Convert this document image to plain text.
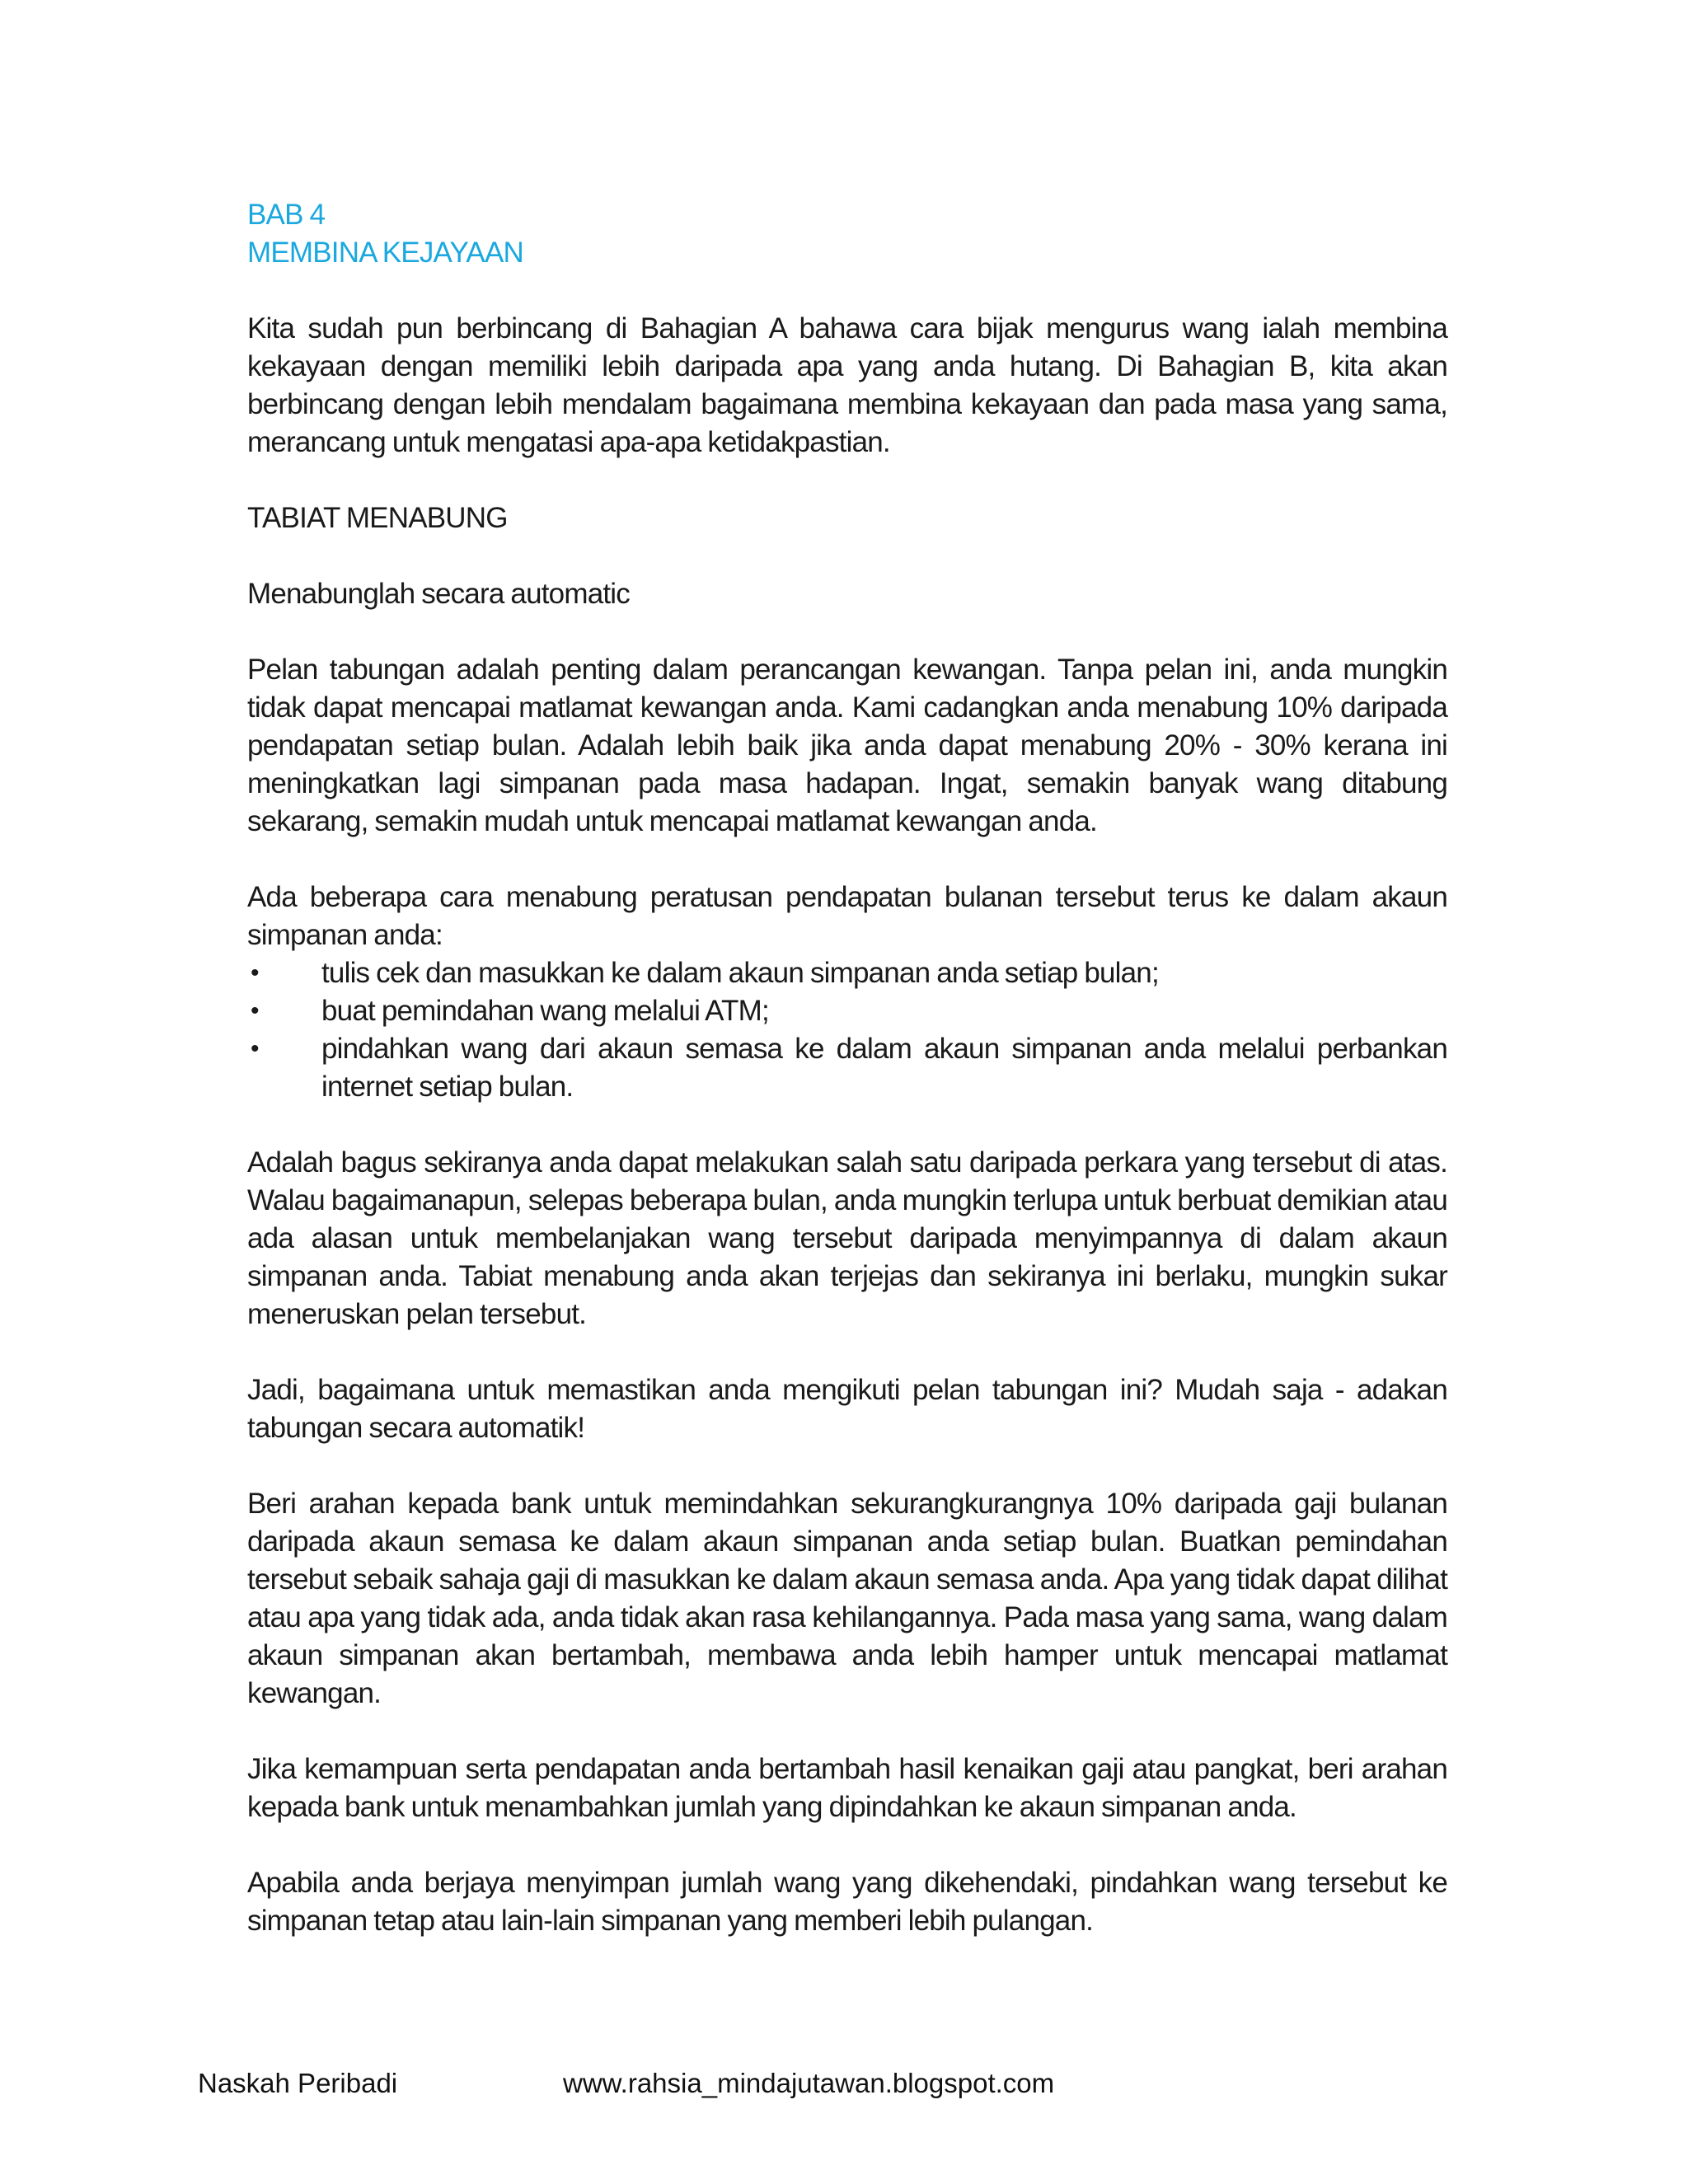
BAB 4
MEMBINA KEJAYAAN

Kita sudah pun berbincang di Bahagian A bahawa cara bijak mengurus wang ialah membina kekayaan dengan memiliki lebih daripada apa yang anda hutang. Di Bahagian B, kita akan berbincang dengan lebih mendalam bagaimana membina kekayaan dan pada masa yang sama, merancang untuk mengatasi apa-apa ketidakpastian.

TABIAT MENABUNG
Menabunglah secara automatic

Pelan tabungan adalah penting dalam perancangan kewangan. Tanpa pelan ini, anda mungkin tidak dapat mencapai matlamat kewangan anda. Kami cadangkan anda menabung 10% daripada pendapatan setiap bulan. Adalah lebih baik jika anda dapat menabung 20% - 30% kerana ini meningkatkan lagi simpanan pada masa hadapan. Ingat, semakin banyak wang ditabung sekarang, semakin mudah untuk mencapai matlamat kewangan anda.

Ada beberapa cara menabung peratusan pendapatan bulanan tersebut terus ke dalam akaun simpanan anda:

• tulis cek dan masukkan ke dalam akaun simpanan anda setiap bulan;
• buat pemindahan wang melalui ATM;
• pindahkan wang dari akaun semasa ke dalam akaun simpanan anda melalui perbankan internet setiap bulan.

Adalah bagus sekiranya anda dapat melakukan salah satu daripada perkara yang tersebut di atas. Walau bagaimanapun, selepas beberapa bulan, anda mungkin terlupa untuk berbuat demikian atau ada alasan untuk membelanjakan wang tersebut daripada menyimpannya di dalam akaun simpanan anda. Tabiat menabung anda akan terjejas dan sekiranya ini berlaku, mungkin sukar meneruskan pelan tersebut.

Jadi, bagaimana untuk memastikan anda mengikuti pelan tabungan ini? Mudah saja - adakan tabungan secara automatik!

Beri arahan kepada bank untuk memindahkan sekurangkurangnya 10% daripada gaji bulanan daripada akaun semasa ke dalam akaun simpanan anda setiap bulan. Buatkan pemindahan tersebut sebaik sahaja gaji di masukkan ke dalam akaun semasa anda. Apa yang tidak dapat dilihat atau apa yang tidak ada, anda tidak akan rasa kehilangannya. Pada masa yang sama, wang dalam akaun simpanan akan bertambah, membawa anda lebih hamper untuk mencapai matlamat kewangan.

Jika kemampuan serta pendapatan anda bertambah hasil kenaikan gaji atau pangkat, beri arahan kepada bank untuk menambahkan jumlah yang dipindahkan ke akaun simpanan anda.

Apabila anda berjaya menyimpan jumlah wang yang dikehendaki, pindahkan wang tersebut ke simpanan tetap atau lain-lain simpanan yang memberi lebih pulangan.

Naskah Peribadi	www.rahsia_mindajutawan.blogspot.com
